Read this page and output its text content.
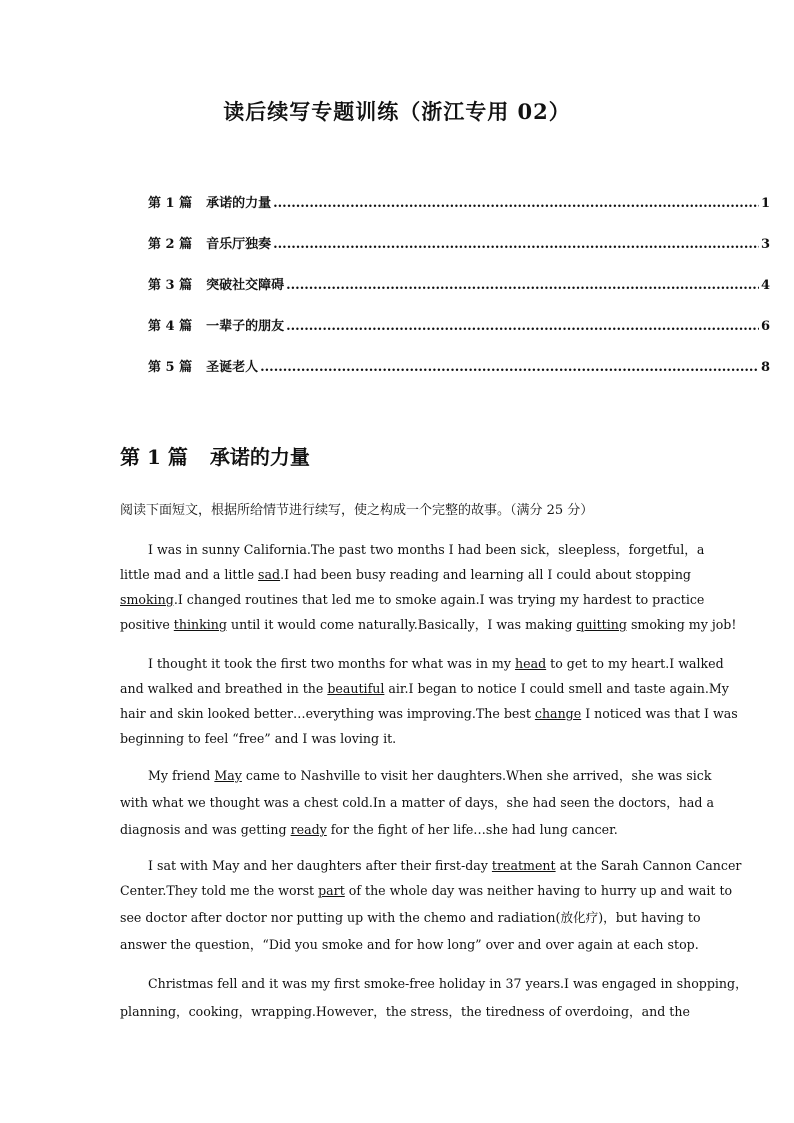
读后续写专题训练（浙江专用 02）
第 1 篇 承诺的力量 .....	1
第 2 篇 音乐厅独奏 .....	3
第 3 篇 突破社交障碍 .....	4
第 4 篇 一辈子的朋友 .....	6
第 5 篇 圣诞老人 .....	8
第 1 篇 承诺的力量
阅读下面短文，根据所给情节进行续写，使之构成一个完整的故事。（满分 25 分）
I was in sunny California.The past two months I had been sick，sleepless，forgetful，a
little mad and a little sad.I had been busy reading and learning all I could about stopping
smoking.I changed routines that led me to smoke again.I was trying my hardest to practice
positive thinking until it would come naturally.Basically，I was making quitting smoking my job!
I thought it took the first two months for what was in my head to get to my heart.I walked
and walked and breathed in the beautiful air.I began to notice I could smell and taste again.My
hair and skin looked better…everything was improving.The best change I noticed was that I was
beginning to feel “free” and I was loving it.
My friend May came to Nashville to visit her daughters.When she arrived，she was sick
with what we thought was a chest cold.In a matter of days，she had seen the doctors，had a
diagnosis and was getting ready for the fight of her life…she had lung cancer.
I sat with May and her daughters after their first-day treatment at the Sarah Cannon Cancer
Center.They told me the worst part of the whole day was neither having to hurry up and wait to
see doctor after doctor nor putting up with the chemo and radiation(放化疗)，but having to
answer the question，“Did you smoke and for how long” over and over again at each stop.
Christmas fell and it was my first smoke-free holiday in 37 years.I was engaged in shopping，
planning，cooking，wrapping.However，the stress，the tiredness of overdoing，and the
